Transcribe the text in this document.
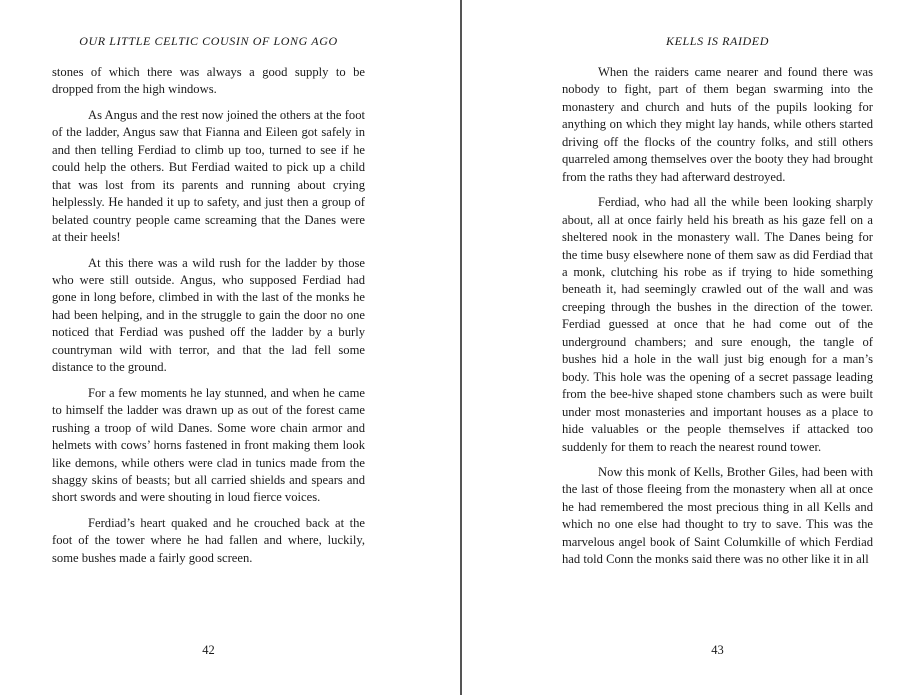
OUR LITTLE CELTIC COUSIN OF LONG AGO

stones of which there was always a good supply to be dropped from the high windows.

As Angus and the rest now joined the others at the foot of the ladder, Angus saw that Fianna and Eileen got safely in and then telling Ferdiad to climb up too, turned to see if he could help the others. But Ferdiad waited to pick up a child that was lost from its parents and running about crying helplessly. He handed it up to safety, and just then a group of belated country people came screaming that the Danes were at their heels!

At this there was a wild rush for the ladder by those who were still outside. Angus, who supposed Ferdiad had gone in long before, climbed in with the last of the monks he had been helping, and in the struggle to gain the door no one noticed that Ferdiad was pushed off the ladder by a burly countryman wild with terror, and that the lad fell some distance to the ground.

For a few moments he lay stunned, and when he came to himself the ladder was drawn up as out of the forest came rushing a troop of wild Danes. Some wore chain armor and helmets with cows’ horns fastened in front making them look like demons, while others were clad in tunics made from the shaggy skins of beasts; but all carried shields and spears and short swords and were shouting in loud fierce voices.

Ferdiad’s heart quaked and he crouched back at the foot of the tower where he had fallen and where, luckily, some bushes made a fairly good screen.

42
KELLS IS RAIDED

When the raiders came nearer and found there was nobody to fight, part of them began swarming into the monastery and church and huts of the pupils looking for anything on which they might lay hands, while others started driving off the flocks of the country folks, and still others quarreled among themselves over the booty they had brought from the raths they had afterward destroyed.

Ferdiad, who had all the while been looking sharply about, all at once fairly held his breath as his gaze fell on a sheltered nook in the monastery wall. The Danes being for the time busy elsewhere none of them saw as did Ferdiad that a monk, clutching his robe as if trying to hide something beneath it, had seemingly crawled out of the wall and was creeping through the bushes in the direction of the tower. Ferdiad guessed at once that he had come out of the underground chambers; and sure enough, the tangle of bushes hid a hole in the wall just big enough for a man’s body. This hole was the opening of a secret passage leading from the bee-hive shaped stone chambers such as were built under most monasteries and important houses as a place to hide valuables or the people themselves if attacked too suddenly for them to reach the nearest round tower.

Now this monk of Kells, Brother Giles, had been with the last of those fleeing from the monastery when all at once he had remembered the most precious thing in all Kells and which no one else had thought to try to save. This was the marvelous angel book of Saint Columkille of which Ferdiad had told Conn the monks said there was no other like it in all

43
